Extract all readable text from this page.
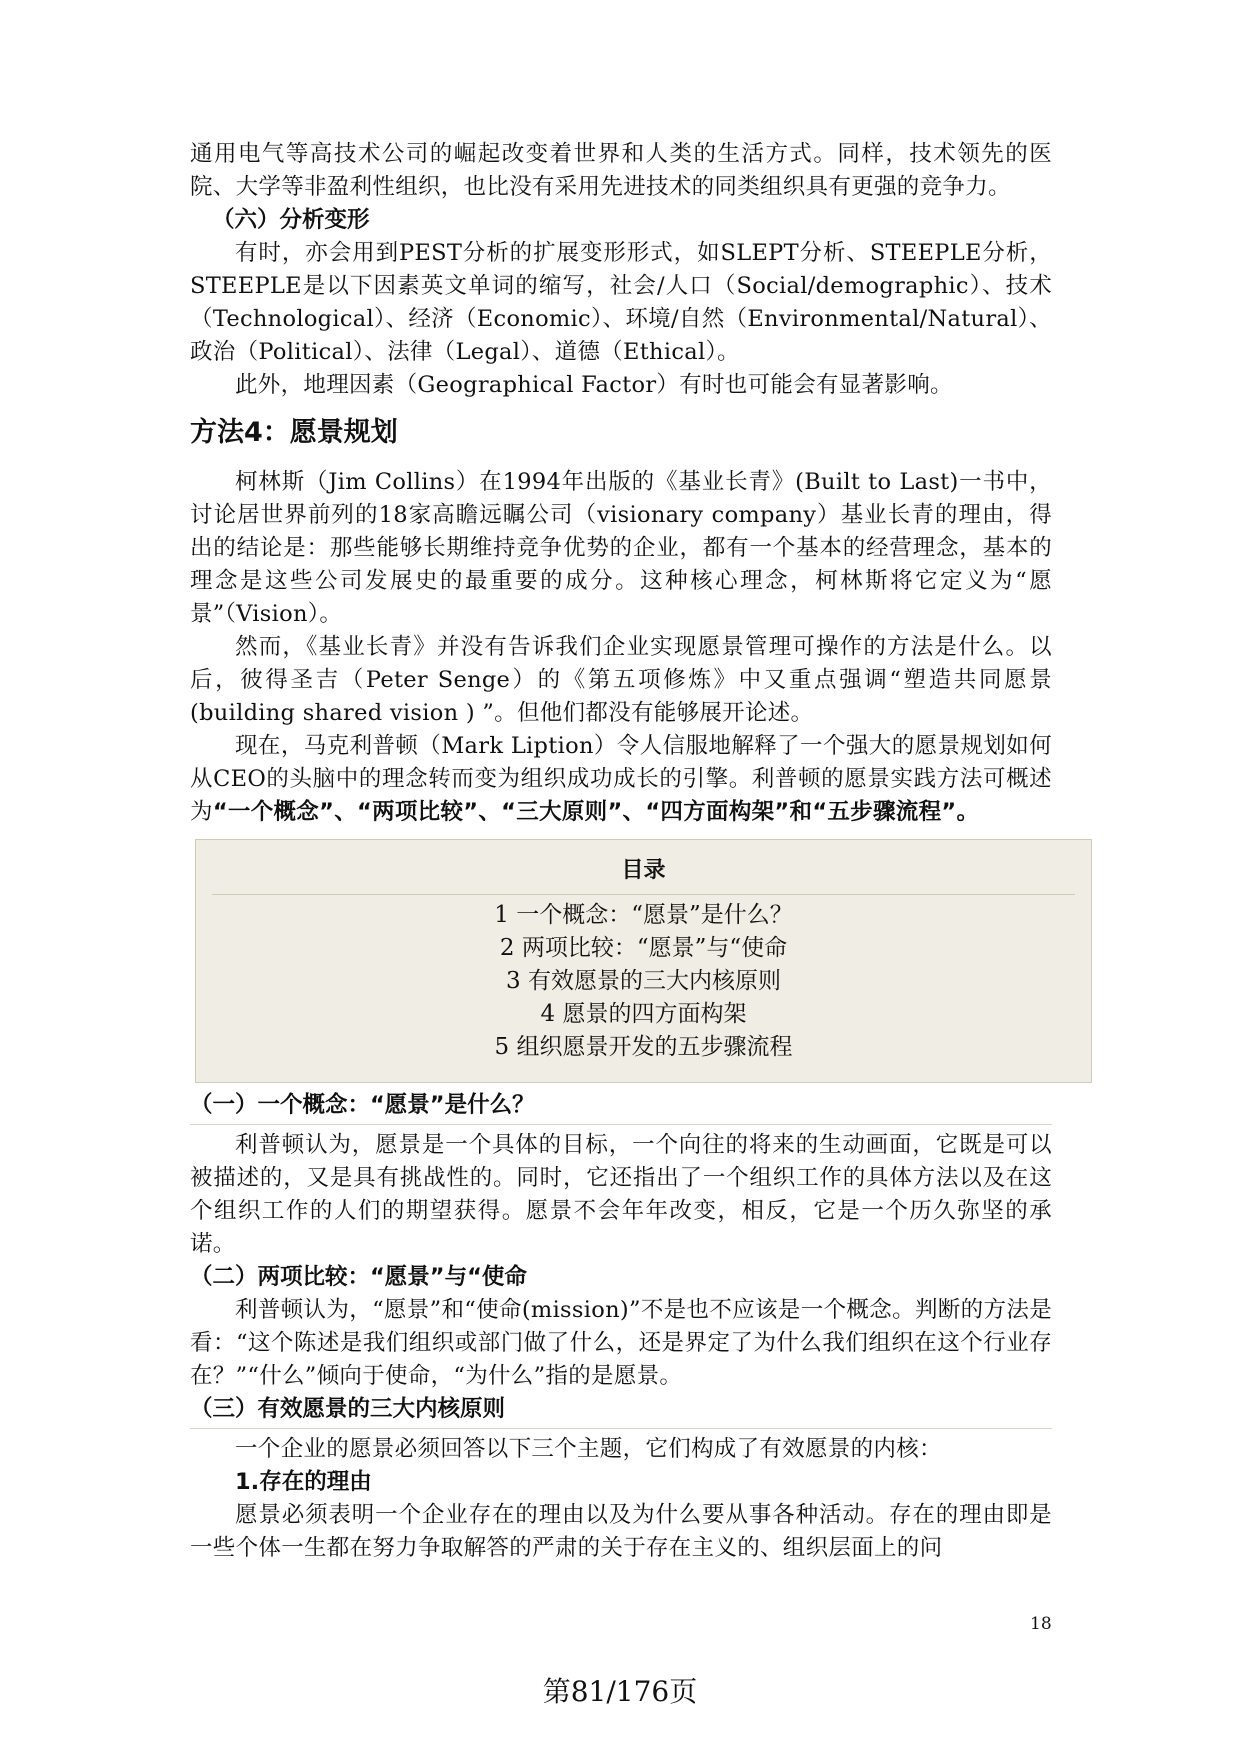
通用电气等高技术公司的崛起改变着世界和人类的生活方式。同样，技术领先的医院、大学等非盈利性组织，也比没有采用先进技术的同类组织具有更强的竞争力。

（六）分析变形

有时，亦会用到PEST分析的扩展变形形式，如SLEPT分析、STEEPLE分析，STEEPLE是以下因素英文单词的缩写，社会/人口（Social/demographic）、技术（Technological）、经济（Economic）、环境/自然（Environmental/Natural）、政治（Political）、法律（Legal）、道德（Ethical）。

此外，地理因素（Geographical Factor）有时也可能会有显著影响。

方法4：愿景规划

柯林斯（Jim Collins）在1994年出版的《基业长青》(Built to Last)一书中，讨论居世界前列的18家高瞻远瞩公司（visionary company）基业长青的理由，得出的结论是：那些能够长期维持竞争优势的企业，都有一个基本的经营理念，基本的理念是这些公司发展史的最重要的成分。这种核心理念，柯林斯将它定义为“愿景”（Vision）。

然而，《基业长青》并没有告诉我们企业实现愿景管理可操作的方法是什么。以后，彼得圣吉（Peter Senge）的《第五项修炼》中又重点强调“塑造共同愿景 (building shared vision ) ”。但他们都没有能够展开论述。

现在，马克利普顿（Mark Liption）令人信服地解释了一个强大的愿景规划如何从CEO的头脑中的理念转而变为组织成功成长的引擎。利普顿的愿景实践方法可概述为“一个概念”、“两项比较”、“三大原则”、“四方面构架”和“五步骤流程”。

目录
1 一个概念：“愿景”是什么？
2 两项比较：“愿景”与“使命
3 有效愿景的三大内核原则
4 愿景的四方面构架
5 组织愿景开发的五步骤流程
（一）一个概念：“愿景”是什么？

利普顿认为，愿景是一个具体的目标，一个向往的将来的生动画面，它既是可以被描述的，又是具有挑战性的。同时，它还指出了一个组织工作的具体方法以及在这个组织工作的人们的期望获得。愿景不会年年改变，相反，它是一个历久弥坚的承诺。

（二）两项比较：“愿景”与“使命

利普顿认为，“愿景”和“使命(mission)”不是也不应该是一个概念。判断的方法是看：“这个陈述是我们组织或部门做了什么，还是界定了为什么我们组织在这个行业存在？”“什么”倾向于使命，“为什么”指的是愿景。

（三）有效愿景的三大内核原则

一个企业的愿景必须回答以下三个主题，它们构成了有效愿景的内核：

1.存在的理由

愿景必须表明一个企业存在的理由以及为什么要从事各种活动。存在的理由即是一些个体一生都在努力争取解答的严肃的关于存在主义的、组织层面上的问

18
第81/176页
